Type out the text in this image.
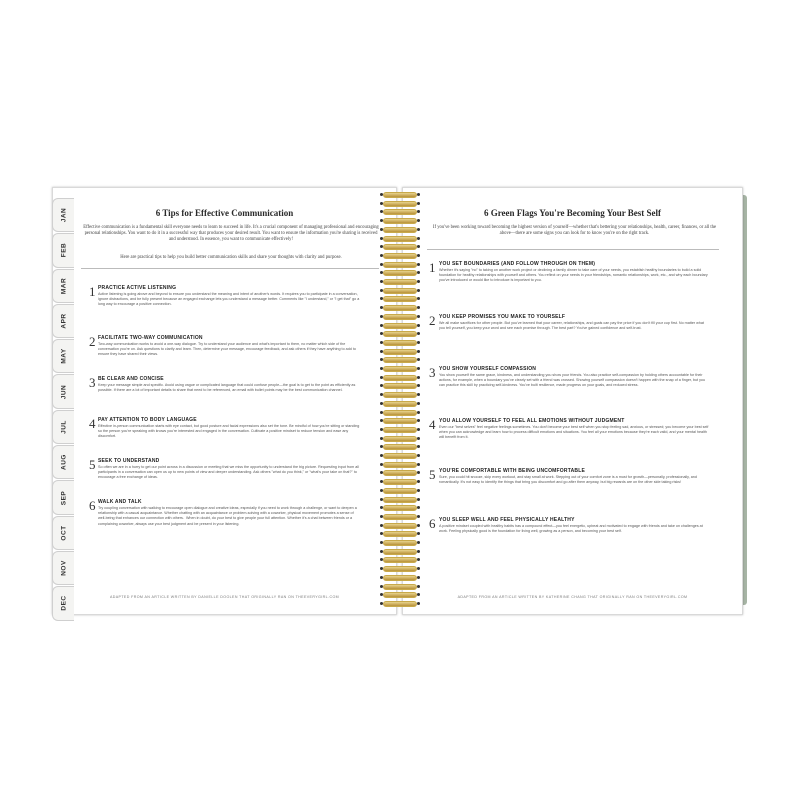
6 Tips for Effective Communication
Effective communication is a fundamental skill everyone needs to learn to succeed in life. It's a crucial component of managing professional and encouraging personal relationships. You want to do it in a successful way that produces your desired result. You want to ensure the information you're sharing is received and understood. In essence, you want to communicate effectively!
Here are practical tips to help you build better communication skills and share your thoughts with clarity and purpose.
1 PRACTICE ACTIVE LISTENING
Active listening is going above and beyond to ensure you understand the meaning and intent of another's words. It requires you to participate in a conversation, ignore distractions, and be fully present because an engaged exchange lets you understand a message better. Comments like "I understand," or "I get that" go a long way to encourage a positive connection.
2 FACILITATE TWO-WAY COMMUNICATION
Two-way communication works to avoid a one-way dialogue. Try to understand your audience and what's important to them, no matter which side of the conversation you're on. Ask questions to clarify and learn. Then, determine your message, encourage feedback, and ask others if they have anything to add to ensure they have shared their views.
3 BE CLEAR AND CONCISE
Keep your message simple and specific. Avoid using vague or complicated language that could confuse people—the goal is to get to the point as efficiently as possible. If there are a lot of important details to share that need to be referenced, an email with bullet points may be the best communication channel.
4 PAY ATTENTION TO BODY LANGUAGE
Effective in-person communication starts with eye contact, but good posture and facial expressions also set the tone. Be mindful of how you're sitting or standing so the person you're speaking with knows you're interested and engaged in the conversation. Cultivate a positive mindset to reduce tension and ease any discomfort.
5 SEEK TO UNDERSTAND
So often we are in a hurry to get our point across in a discussion or meeting that we miss the opportunity to understand the big picture. Requesting input from all participants in a conversation can open us up to new points of view and deeper understanding. Ask others "what do you think," or "what's your take on that?" to encourage a free exchange of ideas.
6 WALK AND TALK
Try coupling conversation with walking to encourage open dialogue and creative ideas, especially if you need to work through a challenge, or want to deepen a relationship with a casual acquaintance. Whether chatting with an acquaintance or problem-solving with a coworker, physical movement promotes a sense of well-being that enhances our connection with others.  When in doubt, do your best to give people your full attention. Whether it's a chat between friends or a complaining coworker, always use your best judgment and be present in your listening.
ADAPTED FROM AN ARTICLE WRITTEN BY DANIELLE DOOLEN THAT ORIGINALLY RAN ON THEEVERYGIRL.COM
6 Green Flags You're Becoming Your Best Self
If you've been working toward becoming the highest version of yourself—whether that's bettering your relationships, health, career, finances, or all the above—there are some signs you can look for to know you're on the right track.
1 YOU SET BOUNDARIES (AND FOLLOW THROUGH ON THEM)
Whether it's saying "no" to taking on another work project or declining a family dinner to take care of your needs, you establish healthy boundaries to build a solid foundation for healthy relationships with yourself and others. You reflect on your needs in your friendships, romantic relationships, work, etc., and why each boundary you've introduced or would like to introduce is important to you.
2 YOU KEEP PROMISES YOU MAKE TO YOURSELF
We all make sacrifices for other people. But you've learned that your career, relationships, and goals can pay the price if you don't fill your cup first. No matter what you tell yourself, you keep your word and see each promise through. The best part? You've gained confidence and self-trust.
3 YOU SHOW YOURSELF COMPASSION
You show yourself the same grace, kindness, and understanding you show your friends. You also practice self-compassion by holding others accountable for their actions, for example, when a boundary you've clearly set with a friend was crossed. Showing yourself compassion doesn't happen with the snap of a finger, but you can practice this skill by practicing self-kindness. You've built resilience, made progress on your goals, and reduced stress.
4 YOU ALLOW YOURSELF TO FEEL ALL EMOTIONS WITHOUT JUDGMENT
Even our "best selves" feel negative feelings sometimes. You don't become your best self when you stop feeling sad, anxious, or stressed; you become your best self when you can acknowledge and learn how to process difficult emotions and situations. You feel all your emotions because they're each valid, and your mental health will benefit from it.
5 YOU'RE COMFORTABLE WITH BEING UNCOMFORTABLE
Sure, you could hit snooze, skip every workout, and stay small at work. Stepping out of your comfort zone is a must for growth—personally, professionally, and romantically. It's not easy to identify the things that bring you discomfort and go after them anyway, but big rewards are on the other side taking risks!
6 YOU SLEEP WELL AND FEEL PHYSICALLY HEALTHY
A positive mindset coupled with healthy habits has a compound effect—you feel energetic, upbeat and motivated to engage with friends and take on challenges at work. Feeling physically good is the foundation for living well, growing as a person, and becoming your best self.
ADAPTED FROM AN ARTICLE WRITTEN BY KATHERINE CHANG THAT ORIGINALLY RAN ON THEEVERYGIRL.COM
JAN
FEB
MAR
APR
MAY
JUN
JUL
AUG
SEP
OCT
NOV
DEC
